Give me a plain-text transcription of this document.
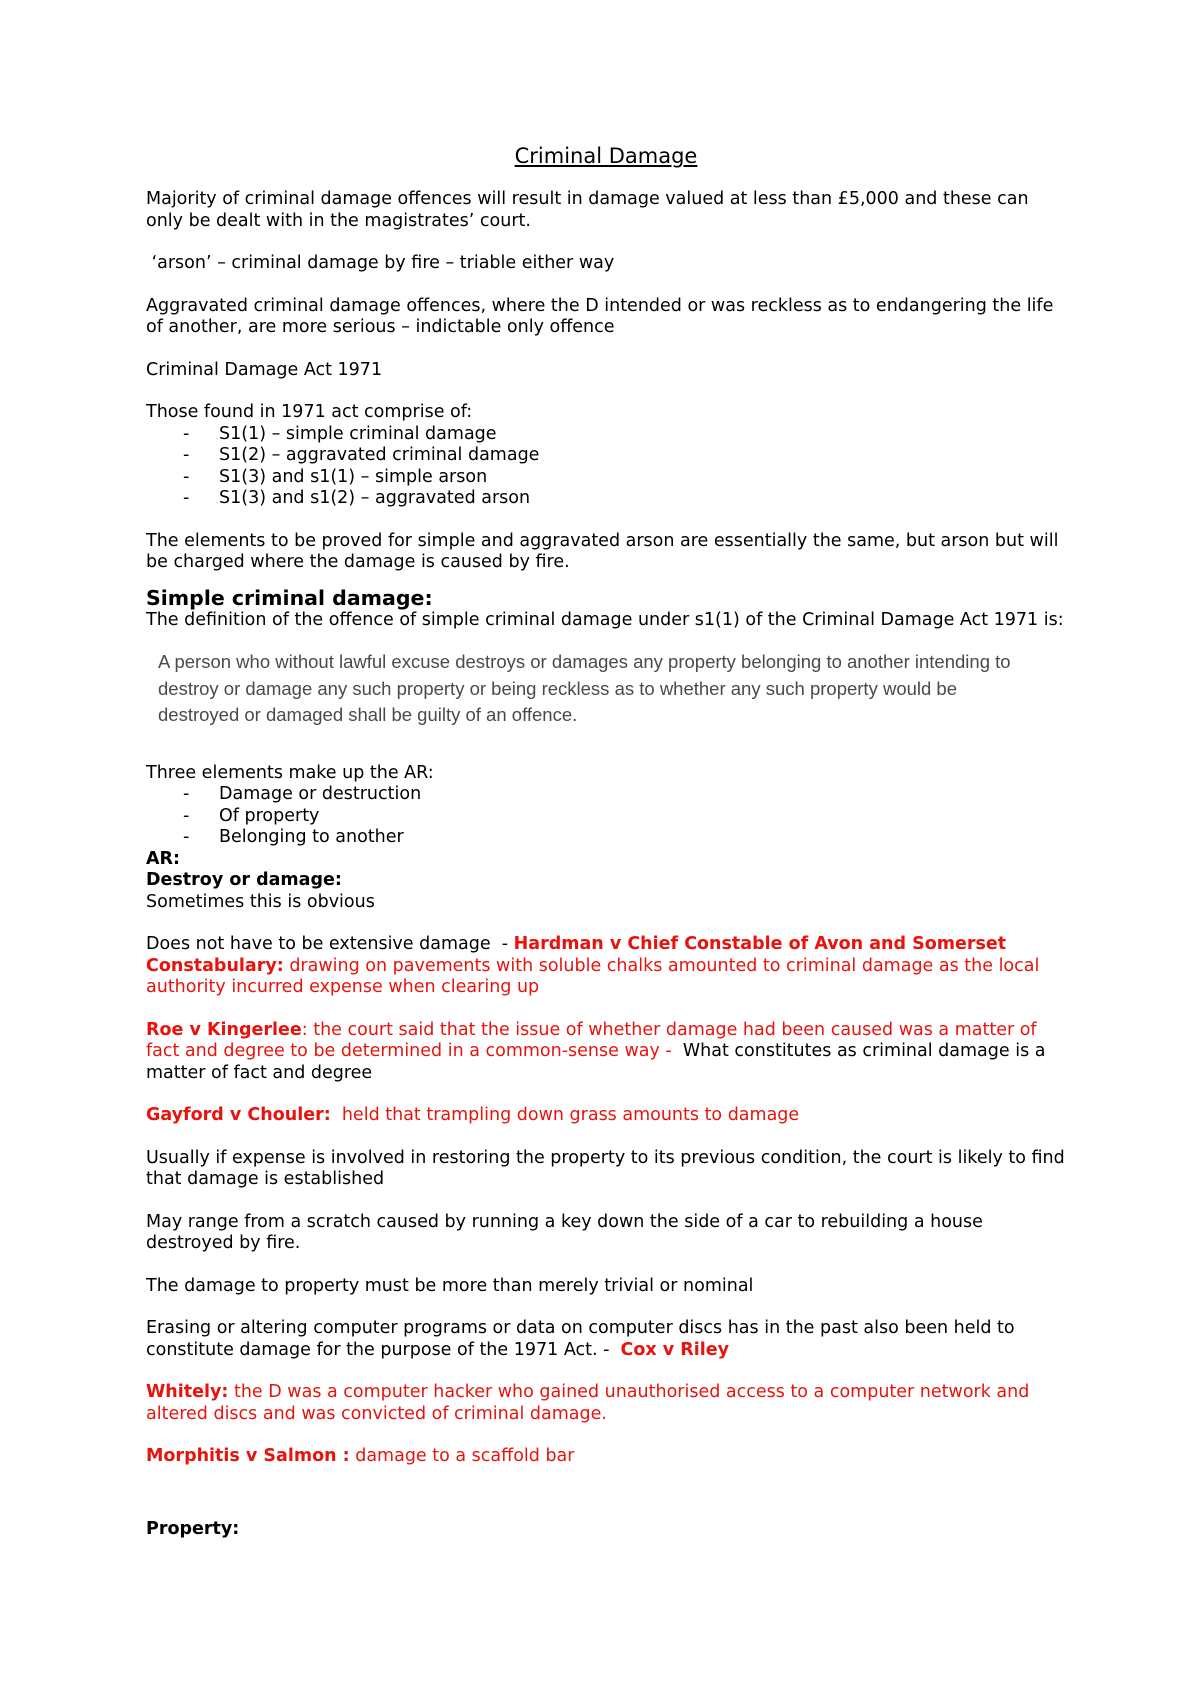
Criminal Damage

Majority of criminal damage offences will result in damage valued at less than £5,000 and these can only be dealt with in the magistrates’ court.

‘arson’ – criminal damage by fire – triable either way

Aggravated criminal damage offences, where the D intended or was reckless as to endangering the life of another, are more serious – indictable only offence

Criminal Damage Act 1971

Those found in 1971 act comprise of:

- S1(1) – simple criminal damage
- S1(2) – aggravated criminal damage
- S1(3) and s1(1) – simple arson
- S1(3) and s1(2) – aggravated arson

The elements to be proved for simple and aggravated arson are essentially the same, but arson but will be charged where the damage is caused by fire.

Simple criminal damage:

The definition of the offence of simple criminal damage under s1(1) of the Criminal Damage Act 1971 is:

A person who without lawful excuse destroys or damages any property belonging to another intending to destroy or damage any such property or being reckless as to whether any such property would be destroyed or damaged shall be guilty of an offence.

Three elements make up the AR:

- Damage or destruction
- Of property
- Belonging to another

AR:

Destroy or damage:

Sometimes this is obvious

Does not have to be extensive damage  - Hardman v Chief Constable of Avon and Somerset Constabulary: drawing on pavements with soluble chalks amounted to criminal damage as the local authority incurred expense when clearing up

Roe v Kingerlee: the court said that the issue of whether damage had been caused was a matter of fact and degree to be determined in a common-sense way -  What constitutes as criminal damage is a matter of fact and degree

Gayford v Chouler:  held that trampling down grass amounts to damage

Usually if expense is involved in restoring the property to its previous condition, the court is likely to find that damage is established

May range from a scratch caused by running a key down the side of a car to rebuilding a house destroyed by fire.

The damage to property must be more than merely trivial or nominal

Erasing or altering computer programs or data on computer discs has in the past also been held to constitute damage for the purpose of the 1971 Act. -  Cox v Riley

Whitely: the D was a computer hacker who gained unauthorised access to a computer network and altered discs and was convicted of criminal damage.

Morphitis v Salmon : damage to a scaffold bar

Property:
